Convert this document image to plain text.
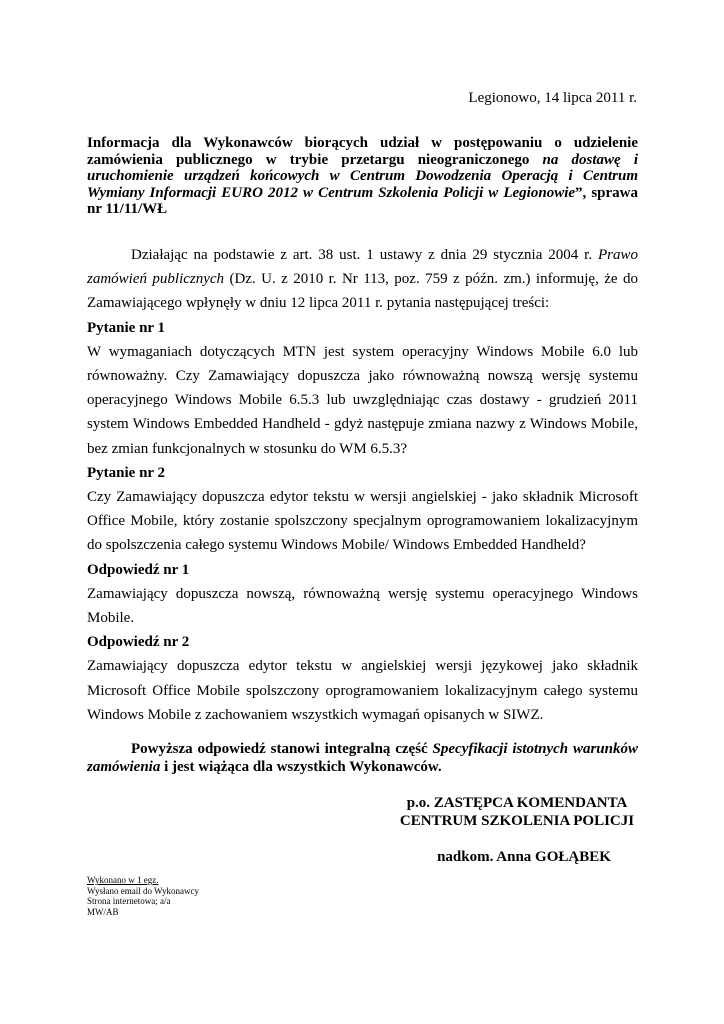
Legionowo, 14 lipca 2011 r.
Informacja dla Wykonawców biorących udział w postępowaniu o udzielenie zamówienia publicznego w trybie przetargu nieograniczonego na dostawę i uruchomienie urządzeń końcowych w Centrum Dowodzenia Operacją i Centrum Wymiany Informacji EURO 2012 w Centrum Szkolenia Policji w Legionowie”, sprawa nr 11/11/WŁ

Działając na podstawie z art. 38 ust. 1 ustawy z dnia 29 stycznia 2004 r. Prawo zamówień publicznych (Dz. U. z 2010 r. Nr 113, poz. 759 z późn. zm.) informuję, że do Zamawiającego wpłynęły w dniu 12 lipca 2011 r. pytania następującej treści:

Pytanie nr 1

W wymaganiach dotyczących MTN jest system operacyjny Windows Mobile 6.0 lub równoważny. Czy Zamawiający dopuszcza jako równoważną nowszą wersję systemu operacyjnego Windows Mobile 6.5.3 lub uwzględniając czas dostawy - grudzień 2011 system Windows Embedded Handheld - gdyż następuje zmiana nazwy z Windows Mobile, bez zmian funkcjonalnych w stosunku do WM 6.5.3?

Pytanie nr 2

Czy Zamawiający dopuszcza edytor tekstu w wersji angielskiej - jako składnik Microsoft Office Mobile, który zostanie spolszczony specjalnym oprogramowaniem lokalizacyjnym do spolszczenia całego systemu Windows Mobile/ Windows Embedded Handheld?

Odpowiedź nr 1

Zamawiający dopuszcza nowszą, równoważną wersję systemu operacyjnego Windows Mobile.

Odpowiedź nr 2

Zamawiający dopuszcza edytor tekstu w angielskiej wersji językowej jako składnik Microsoft Office Mobile spolszczony oprogramowaniem lokalizacyjnym całego systemu Windows Mobile z zachowaniem wszystkich wymagań opisanych w SIWZ.

Powyższa odpowiedź stanowi integralną część Specyfikacji istotnych warunków zamówienia i jest wiążąca dla wszystkich Wykonawców.
p.o. ZASTĘPCA KOMENDANTA
CENTRUM SZKOLENIA POLICJI
nadkom. Anna GOŁĄBEK
Wykonano w 1 egz.
Wysłano email do Wykonawcy
Strona internetowa; a/a
MW/AB
